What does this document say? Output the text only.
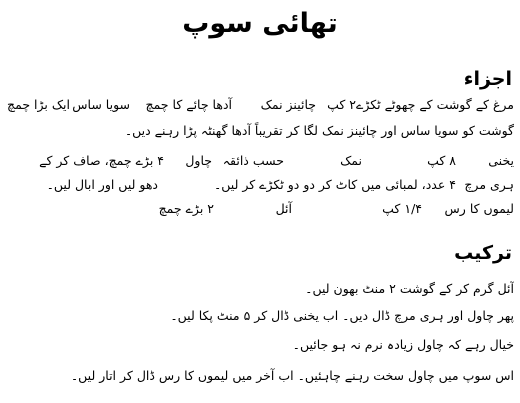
تھائی سوپ
اجزاء
مرغ کے گوشت کے چھوٹے ٹکڑے
۲ کپ
چائینز نمک
آدھا چائے کا چمچ
سویا ساس
ایک بڑا چمچ
گوشت کو سویا ساس اور چائینز نمک لگا کر تقریباً آدھا گھنٹہ پڑا رہنے دیں۔
یخنی
۸ کپ
نمک
حسب ذائقہ
چاول
۴ بڑے چمچ، صاف کر کے
ہری مرچ
۴ عدد، لمبائی میں کاٹ کر دو دو ٹکڑے کر لیں۔
دھو لیں اور ابال لیں۔
لیموں کا رس
۱/۴ کپ
آئل
۲ بڑے چمچ
ترکیب
آئل گرم کر کے گوشت ۲ منٹ بھون لیں۔
پھر چاول اور ہری مرچ ڈال دیں۔ اب یخنی ڈال کر ۵ منٹ پکا لیں۔
خیال رہے کہ چاول زیادہ نرم نہ ہو جائیں۔
اس سوپ میں چاول سخت رہنے چاہئیں۔ اب آخر میں لیموں کا رس ڈال کر اتار لیں۔
